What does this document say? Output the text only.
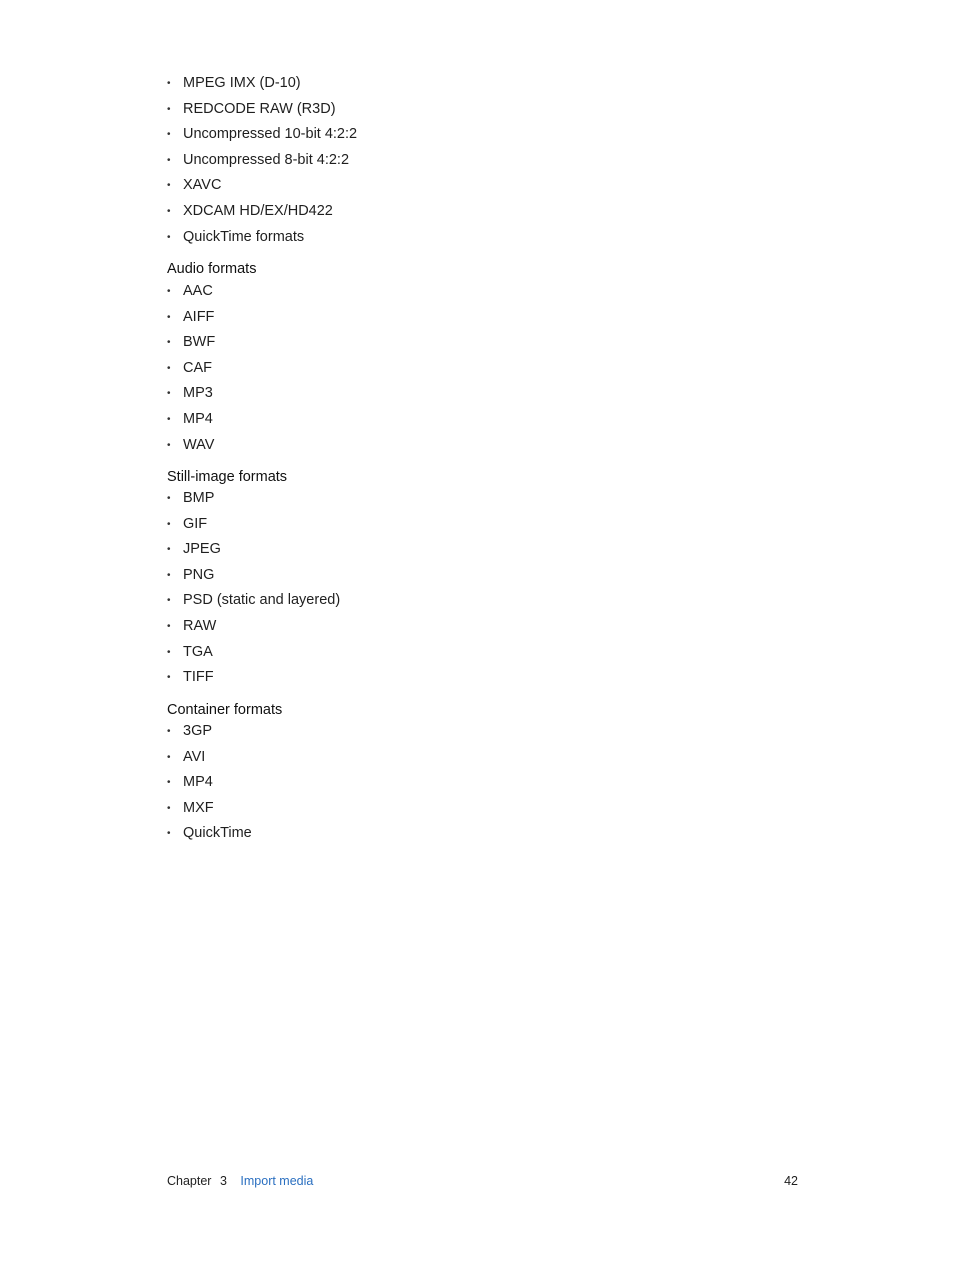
• MPEG IMX (D-10)
• REDCODE RAW (R3D)
• Uncompressed 10-bit 4:2:2
• Uncompressed 8-bit 4:2:2
• XAVC
• XDCAM HD/EX/HD422
• QuickTime formats
Audio formats
• AAC
• AIFF
• BWF
• CAF
• MP3
• MP4
• WAV
Still-image formats
• BMP
• GIF
• JPEG
• PNG
• PSD (static and layered)
• RAW
• TGA
• TIFF
Container formats
• 3GP
• AVI
• MP4
• MXF
• QuickTime
Chapter 3 Import media	42
